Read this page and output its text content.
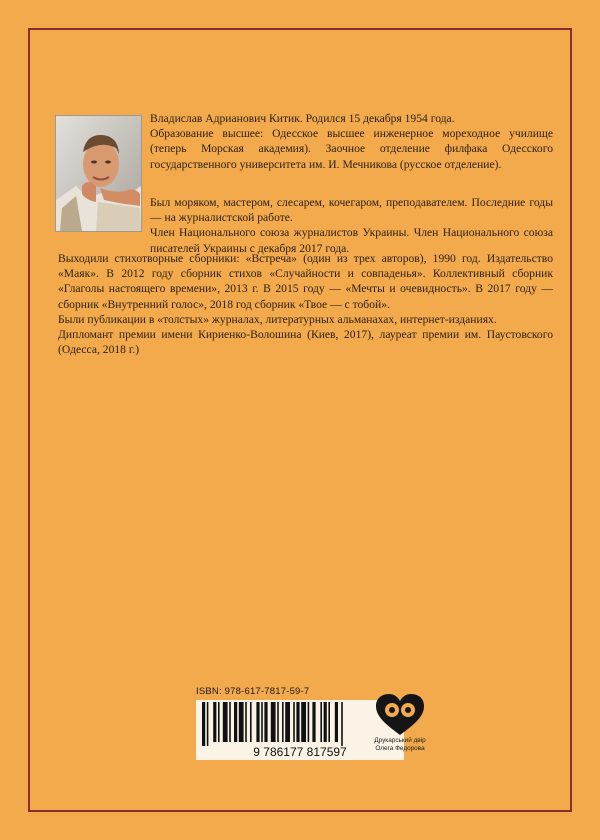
Владислав Адрианович Китик. Родился 15 декабря 1954 года.

Образование высшее: Одесское высшее инженерное мореходное училище (теперь Морская академия). Заочное отделение филфака Одесского государственного университета им. И. Мечникова (русское отделение).

Был моряком, мастером, слесарем, кочегаром, преподавателем. Последние годы — на журналистской работе.

Член Национального союза журналистов Украины. Член Национального союза писателей Украины с декабря 2017 года.

Выходили стихотворные сборники: «Встреча» (один из трех авторов), 1990 год. Издательство «Маяк». В 2012 году сборник стихов «Случайности и совпаденья». Коллективный сборник «Глаголы настоящего времени», 2013 г. В 2015 году — «Мечты и очевидность». В 2017 году — сборник «Внутренний голос», 2018 год сборник «Твое — с тобой».

Были публикации в «толстых» журналах, литературных альманахах, интернет-изданиях.

Дипломант премии имени Кириенко-Волошина (Киев, 2017), лауреат премии им. Паустовского (Одесса, 2018 г.)

ISBN: 978-617-7817-59-7
9 786177 817597
Друкарський двір
Олега Федорова
